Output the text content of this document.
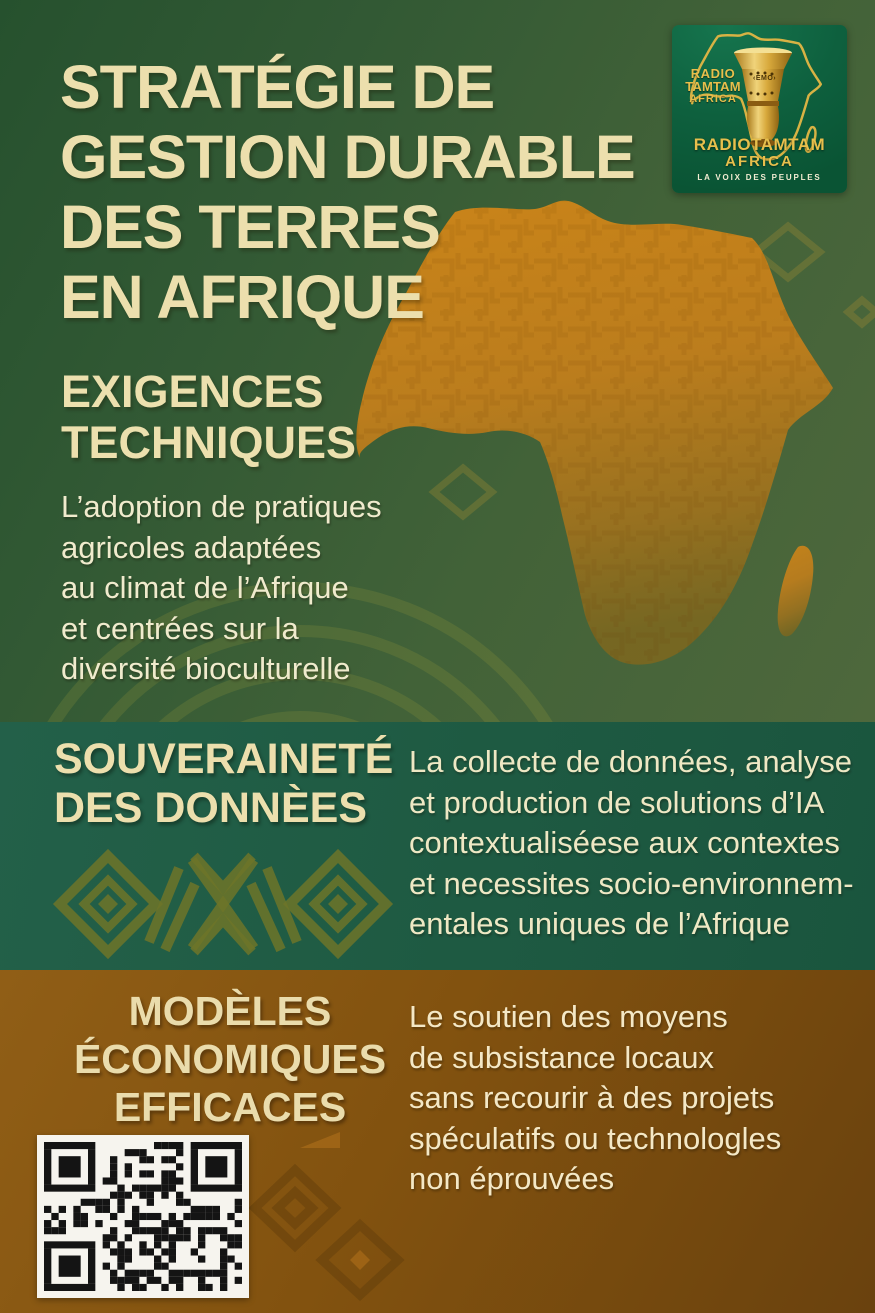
STRATÉGIE DE
GESTION DURABLE
DES TERRES
EN AFRIQUE
EXIGENCES
TECHNIQUES
L’adoption de pratiques
agricoles adaptées
au climat de l’Afrique
et centrées sur la
diversité bioculturelle
RADIO
TAMTAM
AFRICA
‹EMO›
RADIOTAMTAM
AFRICA
LA VOIX DES PEUPLES
SOUVERAINETÉ
DES DONNÈES
La collecte de données, analyse
et production de solutions d’IA
contextualiséese aux contextes
et necessites socio-environnem-
entales uniques de l’Afrique
MODÈLES
ÉCONOMIQUES
EFFICACES
Le soutien des moyens
de subsistance locaux
sans recourir à des projets
spéculatifs ou technologles
non éprouvées
